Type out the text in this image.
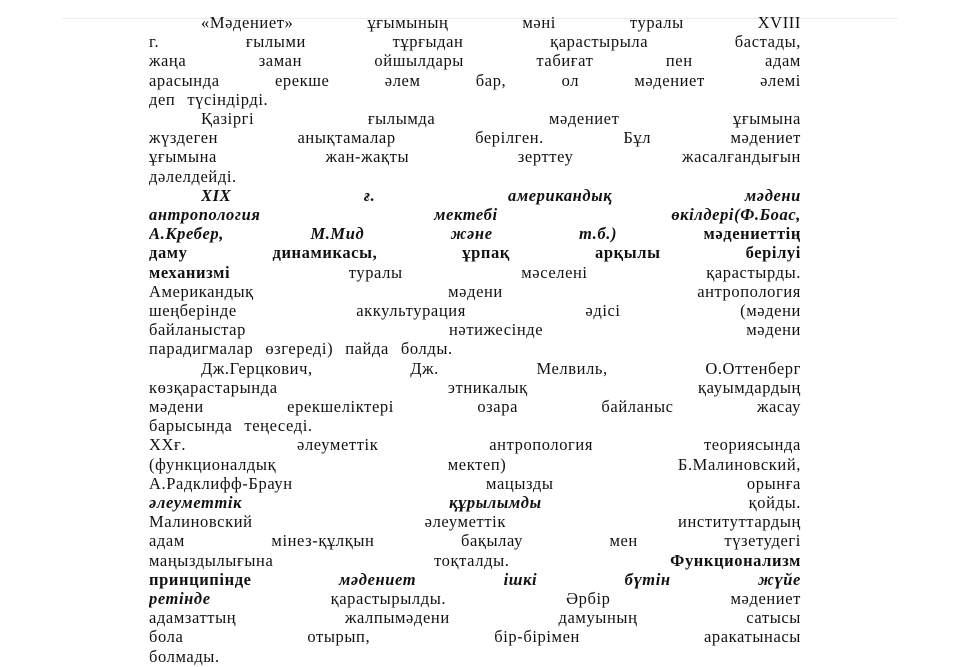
«Мәдениет»	ұғымының	мәні	туралы	XVIII
г.	ғылыми	тұрғыдан	қарастырыла	бастады,
жаңа	заман	ойшылдары	табиғат	пен	адам
арасында	ерекше	әлем	бар,	ол	мәдениет	әлемі
деп түсіндірді.
Қазіргі	ғылымда	мәдениет	ұғымына
жүздеген	анықтамалар	берілген.	Бұл	мәдениет
ұғымына	жан-жақты	зерттеу	жасалғандығын
дәлелдейді.
XIX	ғ.	американдық	мәдени
антропология	мектебі	өкілдері(Ф.Боас,
А.Кребер,	М.Мид	және	т.б.)	мәдениеттің
даму	динамикасы,	ұрпақ	арқылы	берілуі
механизмі	туралы	мәселені	қарастырды.
Американдық	мәдени	антропология
шеңберінде	аккультурация	әдісі	(мәдени
байланыстар	нәтижесінде	мәдени
парадигмалар өзгереді) пайда болды.
Дж.Герцкович,	Дж.	Мелвиль,	О.Оттенберг
көзқарастарында	этникалық	қауымдардың
мәдени	ерекшеліктері	озара	байланыс	жасау
барысында теңеседі.
XXғ.	әлеуметтік	антропология	теориясында
(функционалдық	мектеп)	Б.Малиновский,
А.Радклифф-Браун	мацызды	орынға
әлеуметтік	құрылымды	қойды.
Малиновский	әлеуметтік	институттардың
адам	мінез-құлқын	бақылау	мен	түзетудегі
маңыздылығына	тоқталды.	Функционализм
принципінде	мәдениет	ішкі	бүтін	жүйе
ретінде	қарастырылды.	Әрбір	мәдениет
адамзаттың	жалпымәдени	дамуының	сатысы
бола	отырып,	бір-бірімен	аракатынаcы
болмады.
